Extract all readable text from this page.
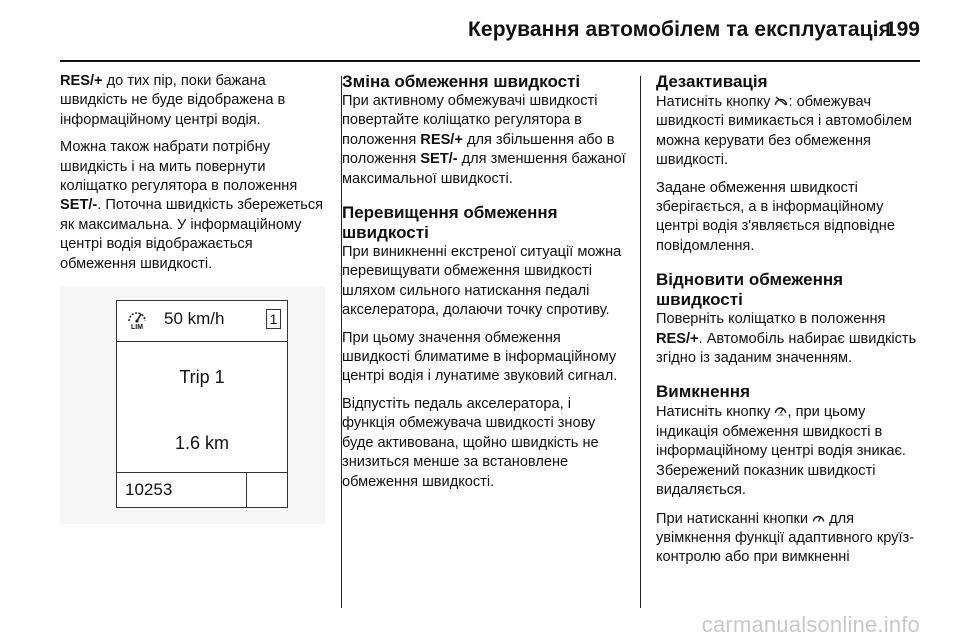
Керування автомобілем та експлуатація
199

RES/+ до тих пір, поки бажана швидкість не буде відображена в інформаційному центрі водія.

Можна також набрати потрібну швидкість і на мить повернути коліщатко регулятора в положення SET/-. Поточна швидкість збережеться як максимальна. У інформаційному центрі водія відображається обмеження швидкості.

LIM	50 km/h	1
Trip 1
1.6 km
10253
Зміна обмеження швидкості

При активному обмежувачі швидкості повертайте коліщатко регулятора в положення RES/+ для збільшення або в положення SET/- для зменшення бажаної максимальної швидкості.

Перевищення обмеження швидкості

При виникненні екстреної ситуації можна перевищувати обмеження швидкості шляхом сильного натискання педалі акселератора, долаючи точку спротиву.

При цьому значення обмеження швидкості блиматиме в інформаційному центрі водія і лунатиме звуковий сигнал.

Відпустіть педаль акселератора, і функція обмежувача швидкості знову буде активована, щойно швидкість не знизиться менше за встановлене обмеження швидкості.

Дезактивація

Натисніть кнопку : обмежувач швидкості вимикається і автомобілем можна керувати без обмеження швидкості.

Задане обмеження швидкості зберігається, а в інформаційному центрі водія з'являється відповідне повідомлення.

Відновити обмеження швидкості

Поверніть коліщатко в положення RES/+. Автомобіль набирає швидкість згідно із заданим значенням.

Вимкнення

Натисніть кнопку LIM , при цьому індикація обмеження швидкості в інформаційному центрі водія зникає. Збережений показник швидкості видаляється.

При натисканні кнопки  для увімкнення функції адаптивного круїз-контролю або при вимкненні

carmanualsonline.info
